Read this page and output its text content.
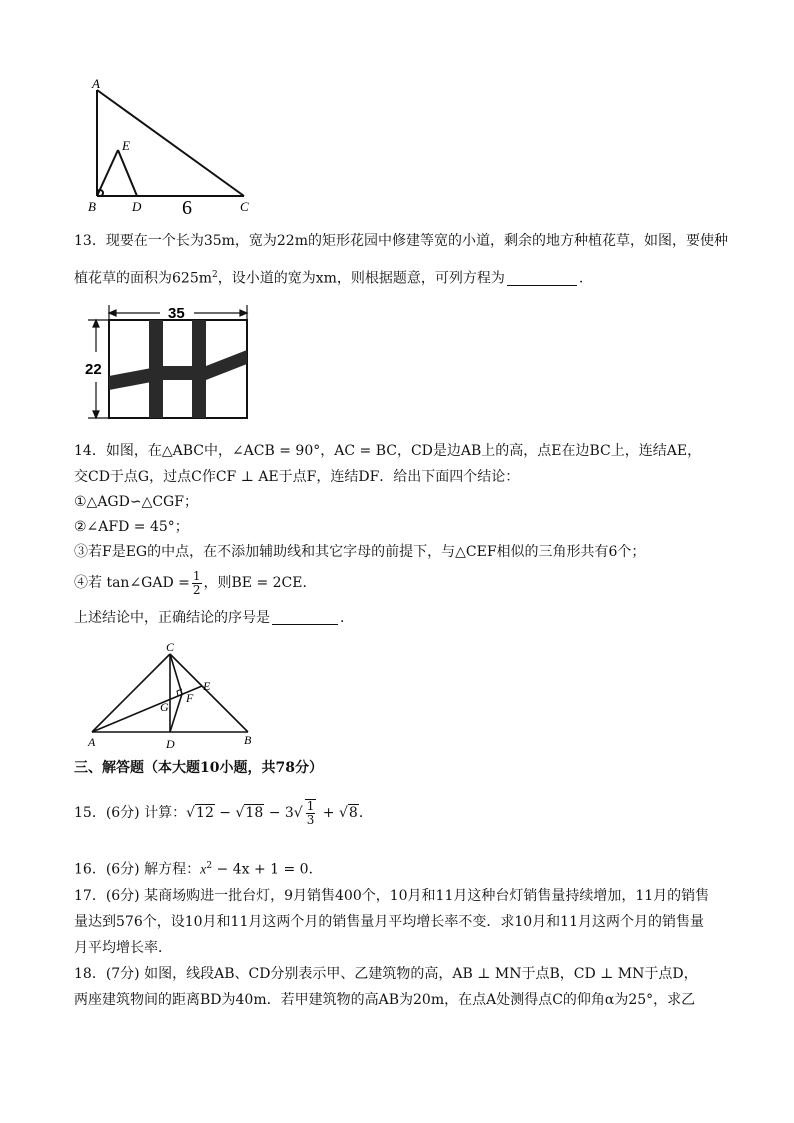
A
E
B	D	C
6
13．现要在一个长为35m，宽为22m的矩形花园中修建等宽的小道，剩余的地方种植花草，如图，要使种
植花草的面积为$625m^2$，设小道的宽为xm，则根据题意，可列方程为	.
35
22
14．如图，在△ABC中，∠ACB = 90°，AC = BC，CD是边AB上的高，点E在边BC上，连结AE，
交CD于点G，过点C作CF ⊥ AE于点F，连结DF．给出下面四个结论：
①△AGD∽△CGF；
②∠AFD = 45°；
③若F是EG的中点，在不添加辅助线和其它字母的前提下，与△CEF相似的三角形共有6个；
④若 tan∠GAD = $\frac{1}{2}$ ，则BE = 2CE．
上述结论中，正确结论的序号是	.
C
E
F
G
A	D	B
三、解答题（本大题10小题，共78分）
15．(6分) 计算：$√12 - √18 - 3√ \frac{1}{3} + √8$．
16．(6分) 解方程：$x^2 - 4x + 1 = 0$．
17．(6分) 某商场购进一批台灯，9月销售400个，10月和11月这种台灯销售量持续增加，11月的销售
量达到576个，设10月和11月这两个月的销售量月平均增长率不变．求10月和11月这两个月的销售量
月平均增长率．
18．(7分) 如图，线段AB、CD分别表示甲、乙建筑物的高，AB ⊥ MN于点B，CD ⊥ MN于点D，
两座建筑物间的距离BD为40m．若甲建筑物的高AB为20m，在点A处测得点C的仰角α为25°，求乙
